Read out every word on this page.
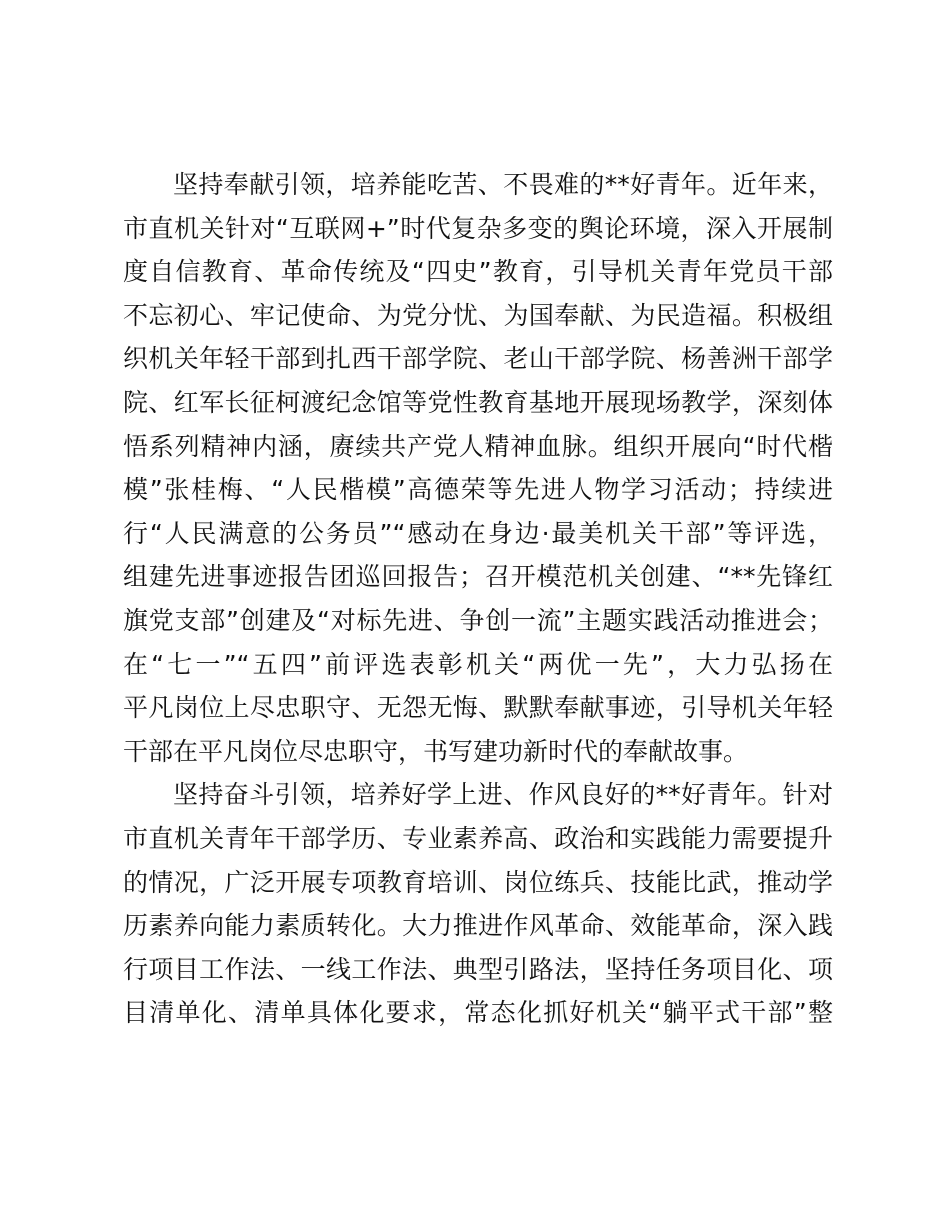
坚持奉献引领，培养能吃苦、不畏难的**好青年。近年来，
市直机关针对“互联网+”时代复杂多变的舆论环境，深入开展制
度自信教育、革命传统及“四史”教育，引导机关青年党员干部
不忘初心、牢记使命、为党分忧、为国奉献、为民造福。积极组
织机关年轻干部到扎西干部学院、老山干部学院、杨善洲干部学
院、红军长征柯渡纪念馆等党性教育基地开展现场教学，深刻体
悟系列精神内涵，赓续共产党人精神血脉。组织开展向“时代楷
模”张桂梅、“人民楷模”高德荣等先进人物学习活动；持续进
行“人民满意的公务员”“感动在身边·最美机关干部”等评选，
组建先进事迹报告团巡回报告；召开模范机关创建、“**先锋红
旗党支部”创建及“对标先进、争创一流”主题实践活动推进会；
在“七一”“五四”前评选表彰机关“两优一先”，大力弘扬在
平凡岗位上尽忠职守、无怨无悔、默默奉献事迹，引导机关年轻
干部在平凡岗位尽忠职守，书写建功新时代的奉献故事。
坚持奋斗引领，培养好学上进、作风良好的**好青年。针对
市直机关青年干部学历、专业素养高、政治和实践能力需要提升
的情况，广泛开展专项教育培训、岗位练兵、技能比武，推动学
历素养向能力素质转化。大力推进作风革命、效能革命，深入践
行项目工作法、一线工作法、典型引路法，坚持任务项目化、项
目清单化、清单具体化要求，常态化抓好机关“躺平式干部”整
